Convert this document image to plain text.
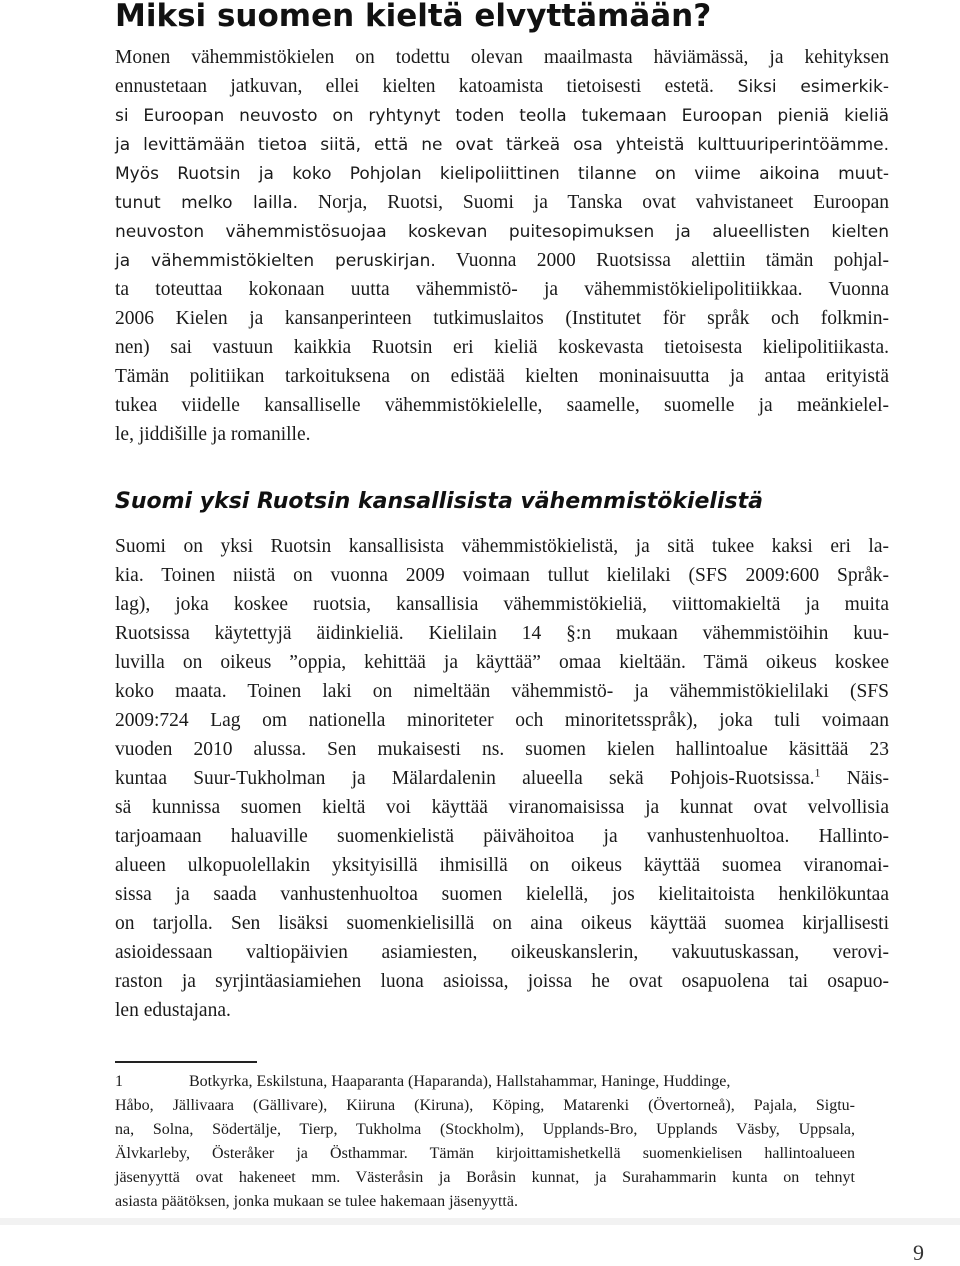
Miksi suomen kieltä elvyttämään?
Monen vähemmistökielen on todettu olevan maailmasta häviämässä, ja kehityksen
ennustetaan jatkuvan, ellei kielten katoamista tietoisesti estetä. Siksi esimerkik-
si Euroopan neuvosto on ryhtynyt toden teolla tukemaan Euroopan pieniä kieliä
ja levittämään tietoa siitä, että ne ovat tärkeä osa yhteistä kulttuuriperintöämme.
Myös Ruotsin ja koko Pohjolan kielipoliittinen tilanne on viime aikoina muut-
tunut melko lailla. Norja, Ruotsi, Suomi ja Tanska ovat vahvistaneet Euroopan
neuvoston vähemmistösuojaa koskevan puitesopimuksen ja alueellisten kielten
ja vähemmistökielten peruskirjan. Vuonna 2000 Ruotsissa alettiin tämän pohjal-
ta toteuttaa kokonaan uutta vähemmistö- ja vähemmistökielipolitiikkaa. Vuonna
2006 Kielen ja kansanperinteen tutkimuslaitos (Institutet för språk och folkmin-
nen) sai vastuun kaikkia Ruotsin eri kieliä koskevasta tietoisesta kielipolitiikasta.
Tämän politiikan tarkoituksena on edistää kielten moninaisuutta ja antaa erityistä
tukea viidelle kansalliselle vähemmistökielelle, saamelle, suomelle ja meänkielel-
le, jiddišille ja romanille.
Suomi yksi Ruotsin kansallisista vähemmistökielistä
Suomi on yksi Ruotsin kansallisista vähemmistökielistä, ja sitä tukee kaksi eri la-
kia. Toinen niistä on vuonna 2009 voimaan tullut kielilaki (SFS 2009:600 Språk-
lag), joka koskee ruotsia, kansallisia vähemmistökieliä, viittomakieltä ja muita
Ruotsissa käytettyjä äidinkieliä. Kielilain 14 §:n mukaan vähemmistöihin kuu-
luvilla on oikeus ”oppia, kehittää ja käyttää” omaa kieltään. Tämä oikeus koskee
koko maata. Toinen laki on nimeltään vähemmistö- ja vähemmistökielilaki (SFS
2009:724 Lag om nationella minoriteter och minoritetsspråk), joka tuli voimaan
vuoden 2010 alussa. Sen mukaisesti ns. suomen kielen hallintoalue käsittää 23
kuntaa Suur-Tukholman ja Mälardalenin alueella sekä Pohjois-Ruotsissa.$^1$ Näis-
sä kunnissa suomen kieltä voi käyttää viranomaisissa ja kunnat ovat velvollisia
tarjoamaan haluaville suomenkielistä päivähoitoa ja vanhustenhuoltoa. Hallinto-
alueen ulkopuolellakin yksityisillä ihmisillä on oikeus käyttää suomea viranomai-
sissa ja saada vanhustenhuoltoa suomen kielellä, jos kielitaitoista henkilökuntaa
on tarjolla. Sen lisäksi suomenkielisillä on aina oikeus käyttää suomea kirjallisesti
asioidessaan valtiopäivien asiamiesten, oikeuskanslerin, vakuutuskassan, verovi-
raston ja syrjintäasiamiehen luona asioissa, joissa he ovat osapuolena tai osapuo-
len edustajana.
1	Botkyrka, Eskilstuna, Haaparanta (Haparanda), Hallstahammar, Haninge, Huddinge,
Håbo, Jällivaara (Gällivare), Kiiruna (Kiruna), Köping, Matarenki (Övertorneå), Pajala, Sigtu-
na, Solna, Södertälje, Tierp, Tukholma (Stockholm), Upplands-Bro, Upplands Väsby, Uppsala,
Älvkarleby, Österåker ja Östhammar. Tämän kirjoittamishetkellä suomenkielisen hallintoalueen
jäsenyyttä ovat hakeneet mm. Västeråsin ja Boråsin kunnat, ja Surahammarin kunta on tehnyt
asiasta päätöksen, jonka mukaan se tulee hakemaan jäsenyyttä.
9
